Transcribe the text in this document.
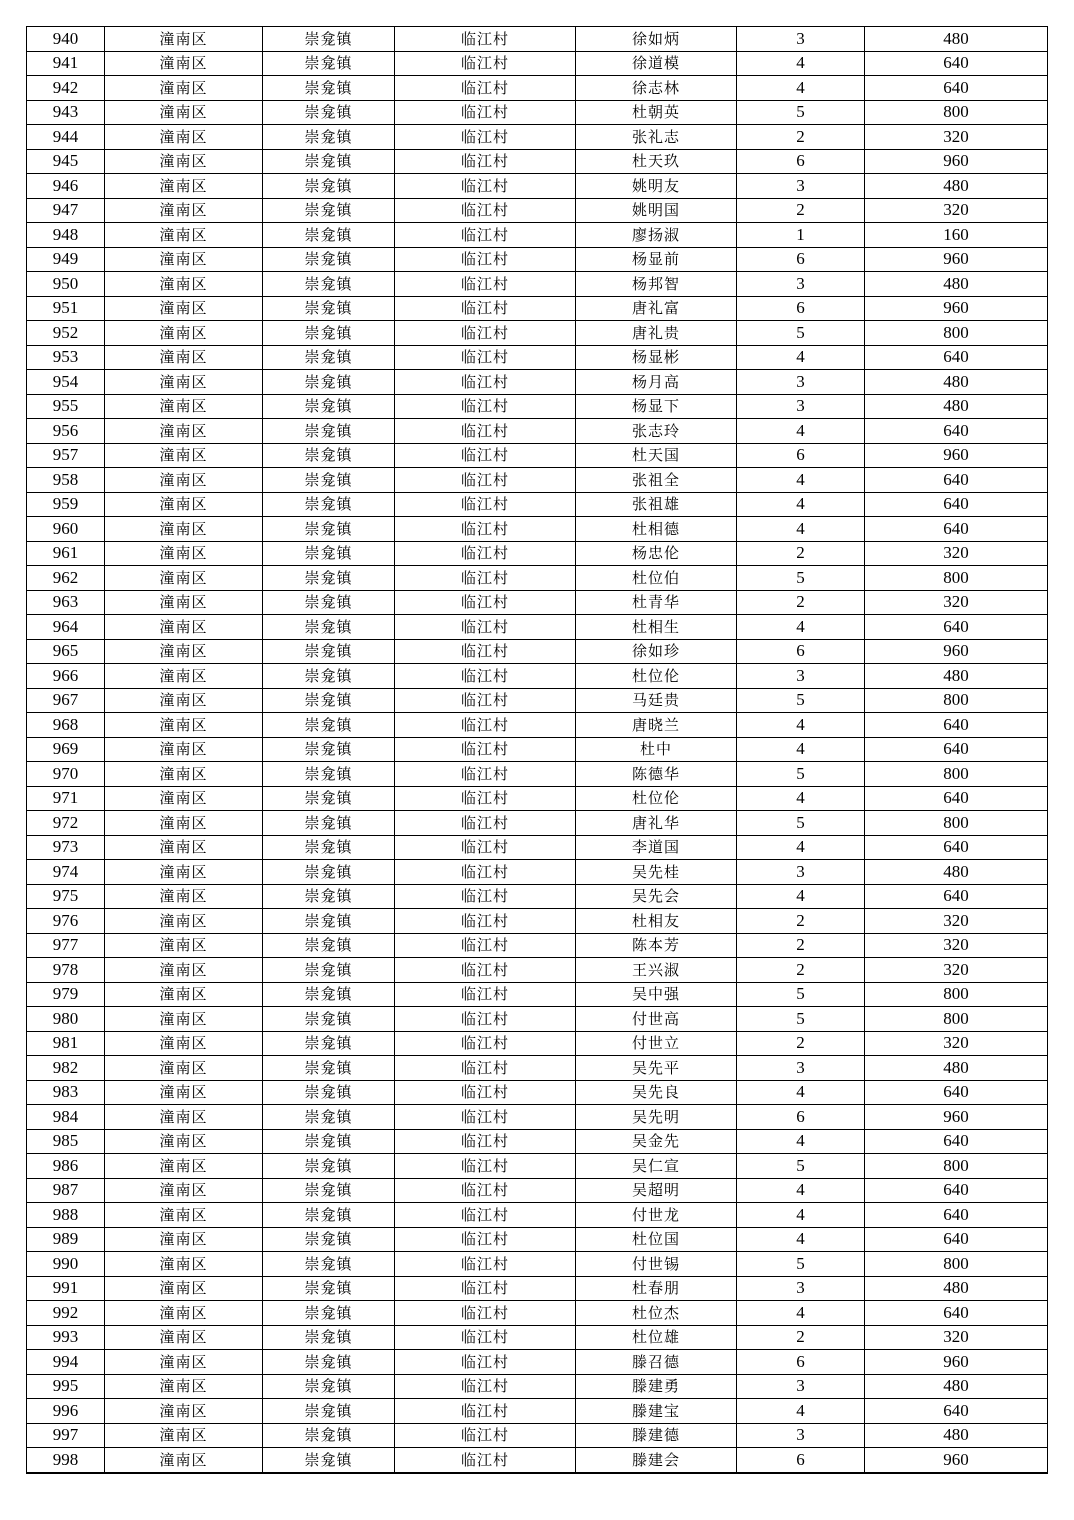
940	潼南区	崇龛镇	临江村	徐如炳	3	480
941	潼南区	崇龛镇	临江村	徐道模	4	640
942	潼南区	崇龛镇	临江村	徐志林	4	640
943	潼南区	崇龛镇	临江村	杜朝英	5	800
944	潼南区	崇龛镇	临江村	张礼志	2	320
945	潼南区	崇龛镇	临江村	杜天玖	6	960
946	潼南区	崇龛镇	临江村	姚明友	3	480
947	潼南区	崇龛镇	临江村	姚明国	2	320
948	潼南区	崇龛镇	临江村	廖扬淑	1	160
949	潼南区	崇龛镇	临江村	杨显前	6	960
950	潼南区	崇龛镇	临江村	杨邦智	3	480
951	潼南区	崇龛镇	临江村	唐礼富	6	960
952	潼南区	崇龛镇	临江村	唐礼贵	5	800
953	潼南区	崇龛镇	临江村	杨显彬	4	640
954	潼南区	崇龛镇	临江村	杨月高	3	480
955	潼南区	崇龛镇	临江村	杨显下	3	480
956	潼南区	崇龛镇	临江村	张志玲	4	640
957	潼南区	崇龛镇	临江村	杜天国	6	960
958	潼南区	崇龛镇	临江村	张祖全	4	640
959	潼南区	崇龛镇	临江村	张祖雄	4	640
960	潼南区	崇龛镇	临江村	杜相德	4	640
961	潼南区	崇龛镇	临江村	杨忠伦	2	320
962	潼南区	崇龛镇	临江村	杜位伯	5	800
963	潼南区	崇龛镇	临江村	杜青华	2	320
964	潼南区	崇龛镇	临江村	杜相生	4	640
965	潼南区	崇龛镇	临江村	徐如珍	6	960
966	潼南区	崇龛镇	临江村	杜位伦	3	480
967	潼南区	崇龛镇	临江村	马廷贵	5	800
968	潼南区	崇龛镇	临江村	唐晓兰	4	640
969	潼南区	崇龛镇	临江村	杜中	4	640
970	潼南区	崇龛镇	临江村	陈德华	5	800
971	潼南区	崇龛镇	临江村	杜位伦	4	640
972	潼南区	崇龛镇	临江村	唐礼华	5	800
973	潼南区	崇龛镇	临江村	李道国	4	640
974	潼南区	崇龛镇	临江村	吴先桂	3	480
975	潼南区	崇龛镇	临江村	吴先会	4	640
976	潼南区	崇龛镇	临江村	杜相友	2	320
977	潼南区	崇龛镇	临江村	陈本芳	2	320
978	潼南区	崇龛镇	临江村	王兴淑	2	320
979	潼南区	崇龛镇	临江村	吴中强	5	800
980	潼南区	崇龛镇	临江村	付世高	5	800
981	潼南区	崇龛镇	临江村	付世立	2	320
982	潼南区	崇龛镇	临江村	吴先平	3	480
983	潼南区	崇龛镇	临江村	吴先良	4	640
984	潼南区	崇龛镇	临江村	吴先明	6	960
985	潼南区	崇龛镇	临江村	吴金先	4	640
986	潼南区	崇龛镇	临江村	吴仁宣	5	800
987	潼南区	崇龛镇	临江村	吴超明	4	640
988	潼南区	崇龛镇	临江村	付世龙	4	640
989	潼南区	崇龛镇	临江村	杜位国	4	640
990	潼南区	崇龛镇	临江村	付世锡	5	800
991	潼南区	崇龛镇	临江村	杜春朋	3	480
992	潼南区	崇龛镇	临江村	杜位杰	4	640
993	潼南区	崇龛镇	临江村	杜位雄	2	320
994	潼南区	崇龛镇	临江村	滕召德	6	960
995	潼南区	崇龛镇	临江村	滕建勇	3	480
996	潼南区	崇龛镇	临江村	滕建宝	4	640
997	潼南区	崇龛镇	临江村	滕建德	3	480
998	潼南区	崇龛镇	临江村	滕建会	6	960
